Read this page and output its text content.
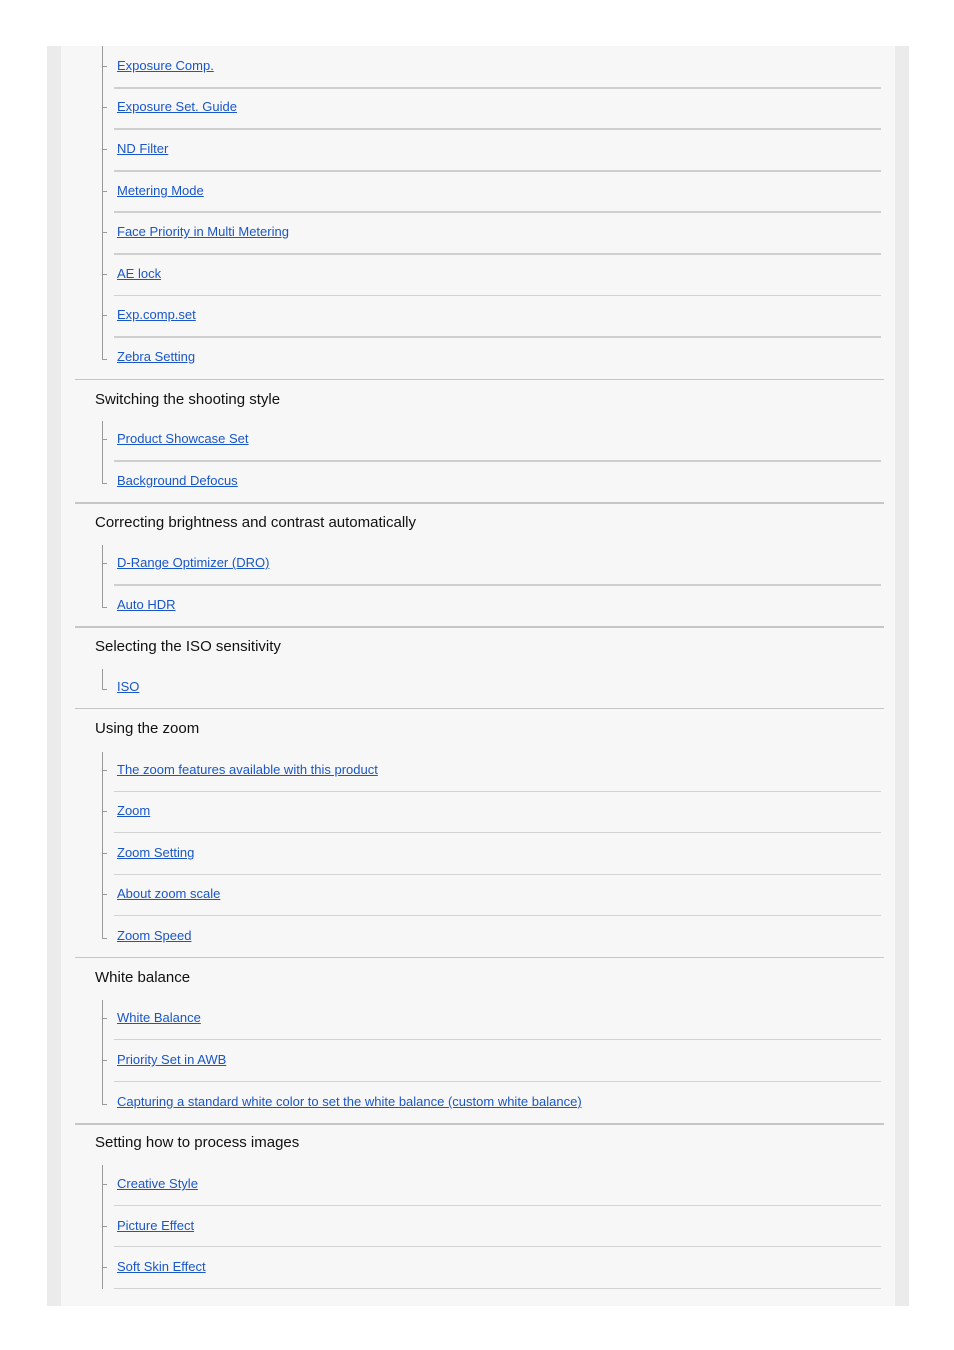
Exposure Comp.
Exposure Set. Guide
ND Filter
Metering Mode
Face Priority in Multi Metering
AE lock
Exp.comp.set
Zebra Setting
Switching the shooting style
Product Showcase Set
Background Defocus
Correcting brightness and contrast automatically
D-Range Optimizer (DRO)
Auto HDR
Selecting the ISO sensitivity
ISO
Using the zoom
The zoom features available with this product
Zoom
Zoom Setting
About zoom scale
Zoom Speed
White balance
White Balance
Priority Set in AWB
Capturing a standard white color to set the white balance (custom white balance)
Setting how to process images
Creative Style
Picture Effect
Soft Skin Effect
